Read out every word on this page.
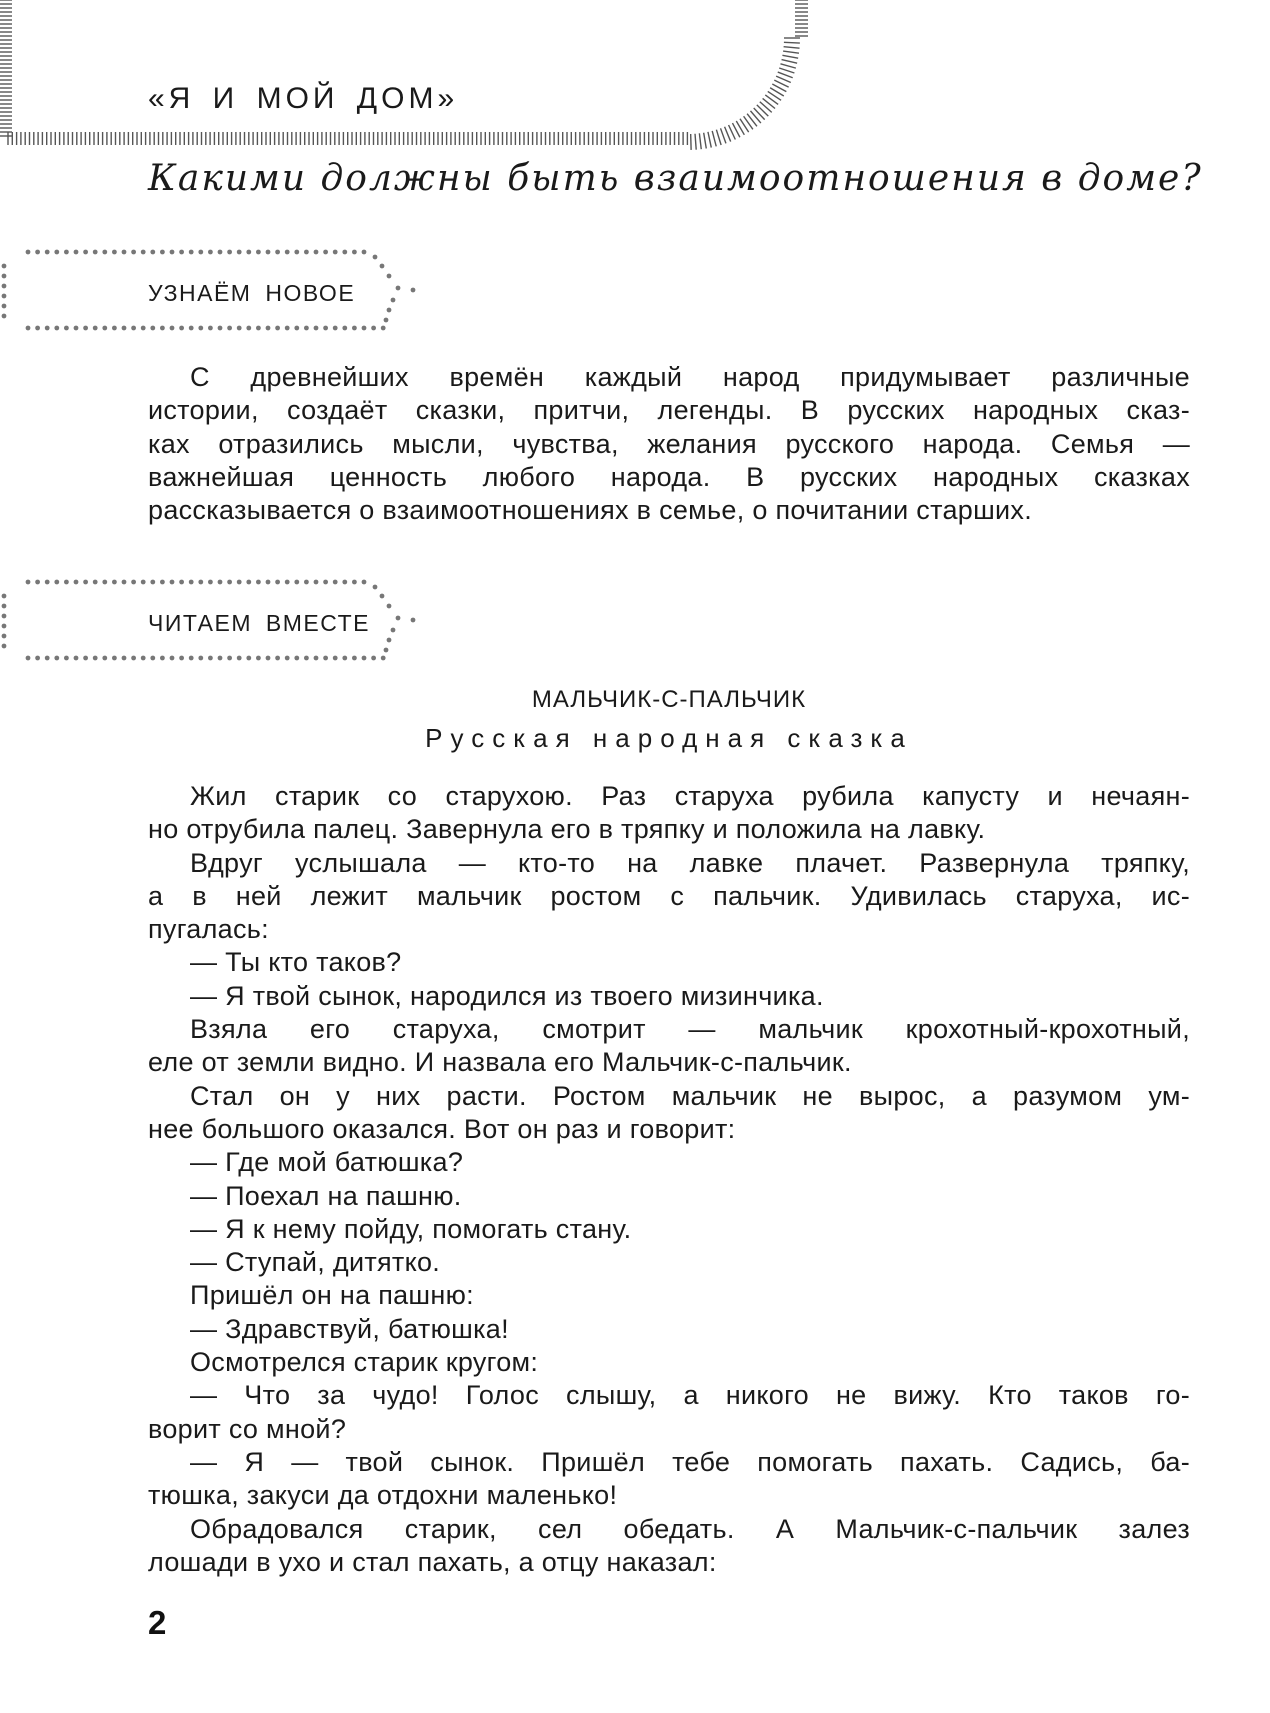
«Я И МОЙ ДОМ»
Какими должны быть взаимоотношения в доме?
УЗНАЁМ НОВОЕ
С древнейших времён каждый народ придумывает различные
истории, создаёт сказки, притчи, легенды. В русских народных сказ-
ках отразились мысли, чувства, желания русского народа. Семья —
важнейшая ценность любого народа. В русских народных сказках
рассказывается о взаимоотношениях в семье, о почитании старших.
ЧИТАЕМ ВМЕСТЕ
МАЛЬЧИК-С-ПАЛЬЧИК
Русская народная сказка
Жил старик со старухою. Раз старуха рубила капусту и нечаян-
но отрубила палец. Завернула его в тряпку и положила на лавку.
Вдруг услышала — кто-то на лавке плачет. Развернула тряпку,
а в ней лежит мальчик ростом с пальчик. Удивилась старуха, ис-
пугалась:
— Ты кто таков?
— Я твой сынок, народился из твоего мизинчика.
Взяла его старуха, смотрит — мальчик крохотный-крохотный,
еле от земли видно. И назвала его Мальчик-с-пальчик.
Стал он у них расти. Ростом мальчик не вырос, а разумом ум-
нее большого оказался. Вот он раз и говорит:
— Где мой батюшка?
— Поехал на пашню.
— Я к нему пойду, помогать стану.
— Ступай, дитятко.
Пришёл он на пашню:
— Здравствуй, батюшка!
Осмотрелся старик кругом:
— Что за чудо! Голос слышу, а никого не вижу. Кто таков го-
ворит со мной?
— Я — твой сынок. Пришёл тебе помогать пахать. Садись, ба-
тюшка, закуси да отдохни маленько!
Обрадовался старик, сел обедать. А Мальчик-с-пальчик залез
лошади в ухо и стал пахать, а отцу наказал:
2
